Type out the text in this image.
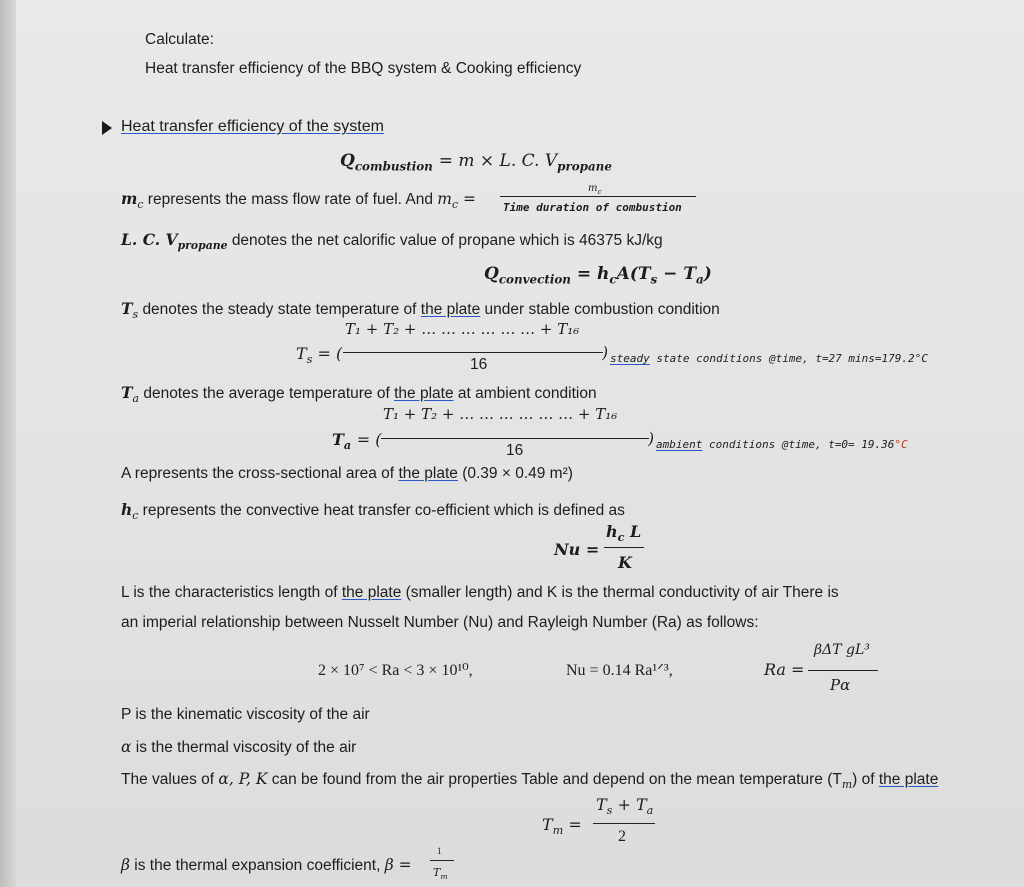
Calculate:
Heat transfer efficiency of the BBQ system & Cooking efficiency
Heat transfer efficiency of the system
$Q_{combustion} = m \times L$. C. $V_{propane}$
$m_c$ represents the mass flow rate of fuel. And $m_c$ =
$m_c$
Time duration of combustion
L. C. $V_{propane}$ denotes the net calorific value of propane which is 46375 kJ/kg
$Q_{convection} = h_cA(T_s - T_a)$
$T_s$ denotes the steady state temperature of the plate under stable combustion condition
T₁ + T₂ + … … … … … … + T₁₆
$T_s$ = (
16
) steady state conditions @time, t=27 mins=179.2°C
$T_a$ denotes the average temperature of the plate at ambient condition
T₁ + T₂ + … … … … … … + T₁₆
$T_a$ = (
16
) ambient conditions @time, t=0= 19.36°C
A represents the cross-sectional area of the plate (0.39 × 0.49 m²)
$h_c$ represents the convective heat transfer co-efficient which is defined as
Nu =
$h_c$ L
K
L is the characteristics length of the plate (smaller length) and K is the thermal conductivity of air There is
an imperial relationship between Nusselt Number (Nu) and Rayleigh Number (Ra) as follows:
2 × 10⁷ < Ra < 3 × 10¹⁰,	Nu = 0.14 Ra¹ᐟ³,	Ra =
βΔT gL³
Pα
P is the kinematic viscosity of the air
α is the thermal viscosity of the air
The values of α, P, K can be found from the air properties Table and depend on the mean temperature $(T_m)$ of the plate
$T_m$ =
$T_s + T_a$
2
β is the thermal expansion coefficient, β =
1
$T_m$
